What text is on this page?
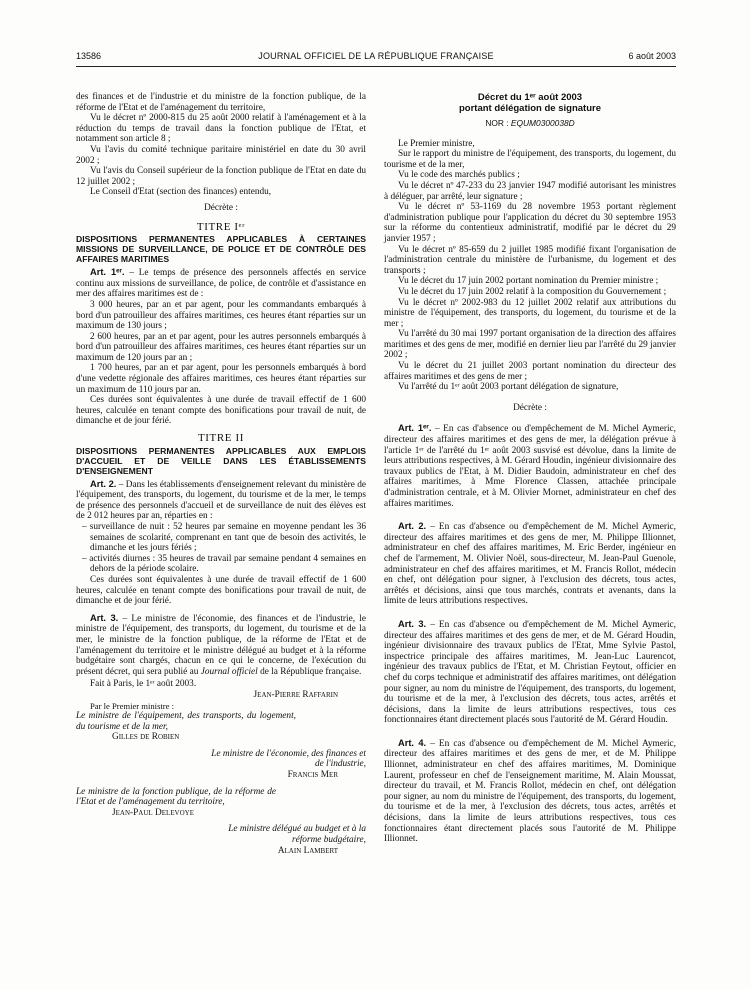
13586	JOURNAL OFFICIEL DE LA RÉPUBLIQUE FRANÇAISE	6 août 2003

des finances et de l'industrie et du ministre de la fonction publique, de la réforme de l'Etat et de l'aménagement du territoire,

Vu le décret nº 2000-815 du 25 août 2000 relatif à l'aménagement et à la réduction du temps de travail dans la fonction publique de l'Etat, et notamment son article 8 ;

Vu l'avis du comité technique paritaire ministériel en date du 30 avril 2002 ;

Vu l'avis du Conseil supérieur de la fonction publique de l'Etat en date du 12 juillet 2002 ;

Le Conseil d'Etat (section des finances) entendu,

Décrète :

TITRE Iᵉʳ

DISPOSITIONS PERMANENTES APPLICABLES À CERTAINES MISSIONS DE SURVEILLANCE, DE POLICE ET DE CONTRÔLE DES AFFAIRES MARITIMES

Art. 1ᵉʳ. – Le temps de présence des personnels affectés en service continu aux missions de surveillance, de police, de contrôle et d'assistance en mer des affaires maritimes est de :

3 000 heures, par an et par agent, pour les commandants embarqués à bord d'un patrouilleur des affaires maritimes, ces heures étant réparties sur un maximum de 130 jours ;

2 600 heures, par an et par agent, pour les autres personnels embarqués à bord d'un patrouilleur des affaires maritimes, ces heures étant réparties sur un maximum de 120 jours par an ;

1 700 heures, par an et par agent, pour les personnels embarqués à bord d'une vedette régionale des affaires maritimes, ces heures étant réparties sur un maximum de 110 jours par an.

Ces durées sont équivalentes à une durée de travail effectif de 1 600 heures, calculée en tenant compte des bonifications pour travail de nuit, de dimanche et de jour férié.

TITRE II

DISPOSITIONS PERMANENTES APPLICABLES AUX EMPLOIS D'ACCUEIL ET DE VEILLE DANS LES ÉTABLISSEMENTS D'ENSEIGNEMENT

Art. 2. – Dans les établissements d'enseignement relevant du ministère de l'équipement, des transports, du logement, du tourisme et de la mer, le temps de présence des personnels d'accueil et de surveillance de nuit des élèves est de 2 012 heures par an, réparties en :

– surveillance de nuit : 52 heures par semaine en moyenne pendant les 36 semaines de scolarité, comprenant en tant que de besoin des activités, le dimanche et les jours fériés ;

– activités diurnes : 35 heures de travail par semaine pendant 4 semaines en dehors de la période scolaire.

Ces durées sont équivalentes à une durée de travail effectif de 1 600 heures, calculée en tenant compte des bonifications pour travail de nuit, de dimanche et de jour férié.

Art. 3. – Le ministre de l'économie, des finances et de l'industrie, le ministre de l'équipement, des transports, du logement, du tourisme et de la mer, le ministre de la fonction publique, de la réforme de l'Etat et de l'aménagement du territoire et le ministre délégué au budget et à la réforme budgétaire sont chargés, chacun en ce qui le concerne, de l'exécution du présent décret, qui sera publié au Journal officiel de la République française.

Fait à Paris, le 1ᵉʳ août 2003.

Jean-Pierre Raffarin

Par le Premier ministre :

Le ministre de l'équipement, des transports, du logement, du tourisme et de la mer,

Gilles de Robien

Le ministre de l'économie, des finances et de l'industrie,

Francis Mer

Le ministre de la fonction publique, de la réforme de l'Etat et de l'aménagement du territoire,

Jean-Paul Delevoye

Le ministre délégué au budget et à la réforme budgétaire,

Alain Lambert

Décret du 1ᵉʳ août 2003

portant délégation de signature

NOR : EQUM0300038D

Le Premier ministre,

Sur le rapport du ministre de l'équipement, des transports, du logement, du tourisme et de la mer,

Vu le code des marchés publics ;

Vu le décret nº 47-233 du 23 janvier 1947 modifié autorisant les ministres à déléguer, par arrêté, leur signature ;

Vu le décret nº 53-1169 du 28 novembre 1953 portant règlement d'administration publique pour l'application du décret du 30 septembre 1953 sur la réforme du contentieux administratif, modifié par le décret du 29 janvier 1957 ;

Vu le décret nº 85-659 du 2 juillet 1985 modifié fixant l'organisation de l'administration centrale du ministère de l'urbanisme, du logement et des transports ;

Vu le décret du 17 juin 2002 portant nomination du Premier ministre ;

Vu le décret du 17 juin 2002 relatif à la composition du Gouvernement ;

Vu le décret nº 2002-983 du 12 juillet 2002 relatif aux attributions du ministre de l'équipement, des transports, du logement, du tourisme et de la mer ;

Vu l'arrêté du 30 mai 1997 portant organisation de la direction des affaires maritimes et des gens de mer, modifié en dernier lieu par l'arrêté du 29 janvier 2002 ;

Vu le décret du 21 juillet 2003 portant nomination du directeur des affaires maritimes et des gens de mer ;

Vu l'arrêté du 1ᵉʳ août 2003 portant délégation de signature,

Décrète :

Art. 1ᵉʳ. – En cas d'absence ou d'empêchement de M. Michel Aymeric, directeur des affaires maritimes et des gens de mer, la délégation prévue à l'article 1ᵉʳ de l'arrêté du 1ᵉʳ août 2003 susvisé est dévolue, dans la limite de leurs attributions respectives, à M. Gérard Houdin, ingénieur divisionnaire des travaux publics de l'Etat, à M. Didier Baudoin, administrateur en chef des affaires maritimes, à Mme Florence Classen, attachée principale d'administration centrale, et à M. Olivier Mornet, administrateur en chef des affaires maritimes.

Art. 2. – En cas d'absence ou d'empêchement de M. Michel Aymeric, directeur des affaires maritimes et des gens de mer, M. Philippe Illionnet, administrateur en chef des affaires maritimes, M. Eric Berder, ingénieur en chef de l'armement, M. Olivier Noël, sous-directeur, M. Jean-Paul Guenole, administrateur en chef des affaires maritimes, et M. Francis Rollot, médecin en chef, ont délégation pour signer, à l'exclusion des décrets, tous actes, arrêtés et décisions, ainsi que tous marchés, contrats et avenants, dans la limite de leurs attributions respectives.

Art. 3. – En cas d'absence ou d'empêchement de M. Michel Aymeric, directeur des affaires maritimes et des gens de mer, et de M. Gérard Houdin, ingénieur divisionnaire des travaux publics de l'Etat, Mme Sylvie Pastol, inspectrice principale des affaires maritimes, M. Jean-Luc Laurencot, ingénieur des travaux publics de l'Etat, et M. Christian Feytout, officier en chef du corps technique et administratif des affaires maritimes, ont délégation pour signer, au nom du ministre de l'équipement, des transports, du logement, du tourisme et de la mer, à l'exclusion des décrets, tous actes, arrêtés et décisions, dans la limite de leurs attributions respectives, tous ces fonctionnaires étant directement placés sous l'autorité de M. Gérard Houdin.

Art. 4. – En cas d'absence ou d'empêchement de M. Michel Aymeric, directeur des affaires maritimes et des gens de mer, et de M. Philippe Illionnet, administrateur en chef des affaires maritimes, M. Dominique Laurent, professeur en chef de l'enseignement maritime, M. Alain Moussat, directeur du travail, et M. Francis Rollot, médecin en chef, ont délégation pour signer, au nom du ministre de l'équipement, des transports, du logement, du tourisme et de la mer, à l'exclusion des décrets, tous actes, arrêtés et décisions, dans la limite de leurs attributions respectives, tous ces fonctionnaires étant directement placés sous l'autorité de M. Philippe Illionnet.
